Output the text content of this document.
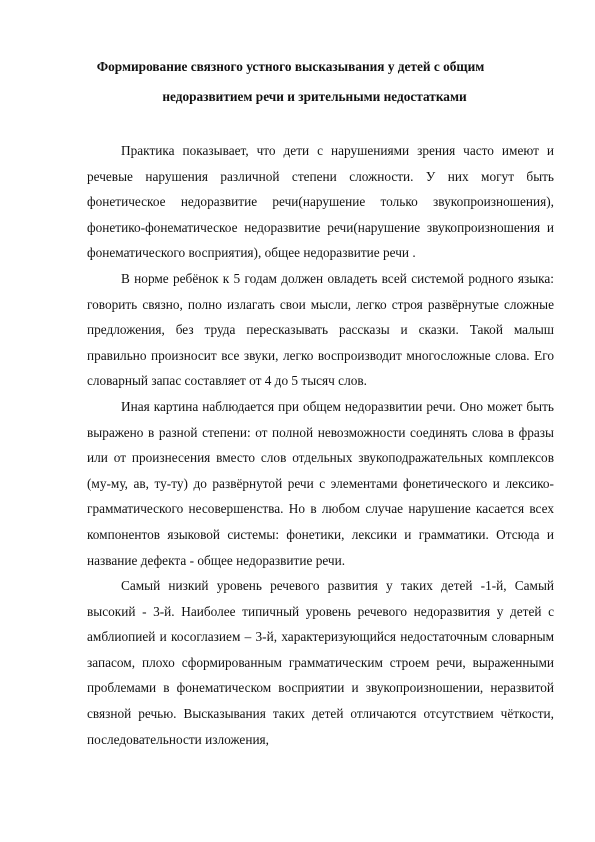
Формирование связного устного высказывания у детей с общим
недоразвитием речи и зрительными недостатками

Практика показывает, что дети с нарушениями зрения часто имеют и речевые нарушения различной степени сложности. У них могут быть фонетическое недоразвитие речи(нарушение только звукопроизношения), фонетико-фонематическое недоразвитие речи(нарушение звукопроизношения и фонематического восприятия), общее недоразвитие речи .

В норме ребёнок к 5 годам должен овладеть всей системой родного языка: говорить связно, полно излагать свои мысли, легко строя развёрнутые сложные предложения, без труда пересказывать рассказы и сказки. Такой малыш правильно произносит все звуки, легко воспроизводит многосложные слова. Его словарный запас составляет от 4 до 5 тысяч слов.

Иная картина наблюдается при общем недоразвитии речи. Оно может быть выражено в разной степени: от полной невозможности соединять слова в фразы или от произнесения вместо слов отдельных звукоподражательных комплексов (му-му, ав, ту-ту) до развёрнутой речи с элементами фонетического и лексико-грамматического несовершенства. Но в любом случае нарушение касается всех компонентов языковой системы: фонетики, лексики и грамматики. Отсюда и название дефекта - общее недоразвитие речи.

Самый низкий уровень речевого развития у таких детей -1-й, Самый высокий - 3-й. Наиболее типичный уровень речевого недоразвития у детей с амблиопией и косоглазием – 3-й, характеризующийся недостаточным словарным запасом, плохо сформированным грамматическим строем речи, выраженными проблемами в фонематическом восприятии и звукопроизношении, неразвитой связной речью. Высказывания таких детей отличаются отсутствием чёткости, последовательности изложения,
